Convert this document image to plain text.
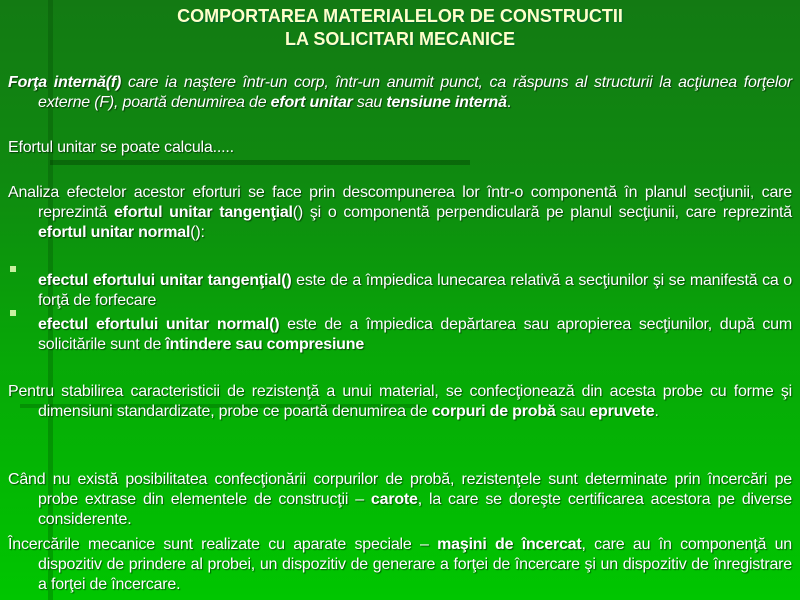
COMPORTAREA MATERIALELOR DE CONSTRUCTII
LA SOLICITARI MECANICE
Forţa internă(f) care ia naştere într-un corp, într-un anumit punct, ca răspuns al structurii la acţiunea forţelor externe (F), poartă denumirea de efort unitar sau tensiune internă.
Efortul unitar se poate calcula.....
Analiza efectelor acestor eforturi se face prin descompunerea lor într-o componentă în planul secţiunii, care reprezintă efortul unitar tangenţial() şi o componentă perpendiculară pe planul secţiunii, care reprezintă efortul unitar normal():
efectul efortului unitar tangenţial() este de a împiedica lunecarea relativă a secţiunilor şi se manifestă ca o forţă de forfecare
efectul efortului unitar normal() este de a împiedica depărtarea sau apropierea secţiunilor, după cum solicitările sunt de întindere sau compresiune
Pentru stabilirea caracteristicii de rezistenţă a unui material, se confecţionează din acesta probe cu forme şi dimensiuni standardizate, probe ce poartă denumirea de corpuri de probă sau epruvete.
Când nu există posibilitatea confecţionării corpurilor de probă, rezistenţele sunt determinate prin încercări pe probe extrase din elementele de construcţii – carote, la care se doreşte certificarea acestora pe diverse considerente.
Încercările mecanice sunt realizate cu aparate speciale – maşini de încercat, care au în componenţă un dispozitiv de prindere al probei, un dispozitiv de generare a forţei de încercare şi un dispozitiv de înregistrare a forţei de încercare.
